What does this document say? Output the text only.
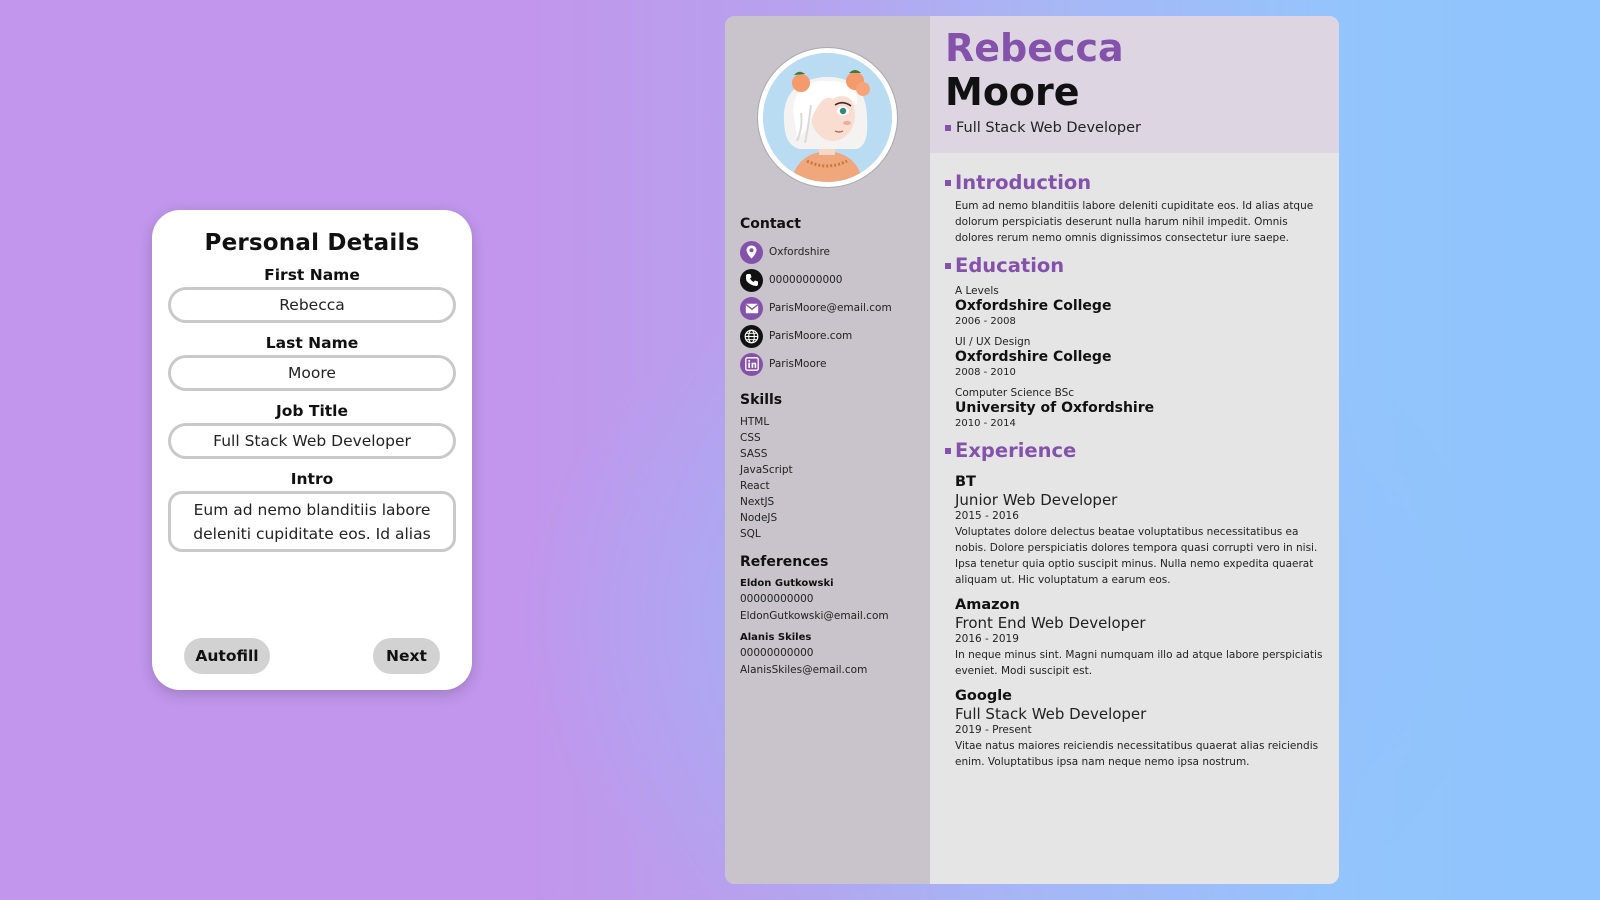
Personal Details
First Name
Rebecca
Last Name
Moore
Job Title
Full Stack Web Developer
Intro
Eum ad nemo blanditiis labore deleniti cupiditate eos. Id alias
Autofill	Next
Contact
Oxfordshire
00000000000
ParisMoore@email.com
ParisMoore.com
ParisMoore
Skills
HTML
CSS
SASS
JavaScript
React
NextJS
NodeJS
SQL
References
Eldon Gutkowski
00000000000
EldonGutkowski@email.com
Alanis Skiles
00000000000
AlanisSkiles@email.com
Rebecca
Moore
Full Stack Web Developer
Introduction
Eum ad nemo blanditiis labore deleniti cupiditate eos. Id alias atque dolorum perspiciatis deserunt nulla harum nihil impedit. Omnis dolores rerum nemo omnis dignissimos consectetur iure saepe.
Education
A Levels
Oxfordshire College
2006 - 2008
UI / UX Design
Oxfordshire College
2008 - 2010
Computer Science BSc
University of Oxfordshire
2010 - 2014
Experience
BT
Junior Web Developer
2015 - 2016
Voluptates dolore delectus beatae voluptatibus necessitatibus ea nobis. Dolore perspiciatis dolores tempora quasi corrupti vero in nisi. Ipsa tenetur quia optio suscipit minus. Nulla nemo expedita quaerat aliquam ut. Hic voluptatum a earum eos.
Amazon
Front End Web Developer
2016 - 2019
In neque minus sint. Magni numquam illo ad atque labore perspiciatis eveniet. Modi suscipit est.
Google
Full Stack Web Developer
2019 - Present
Vitae natus maiores reiciendis necessitatibus quaerat alias reiciendis enim. Voluptatibus ipsa nam neque nemo ipsa nostrum.
